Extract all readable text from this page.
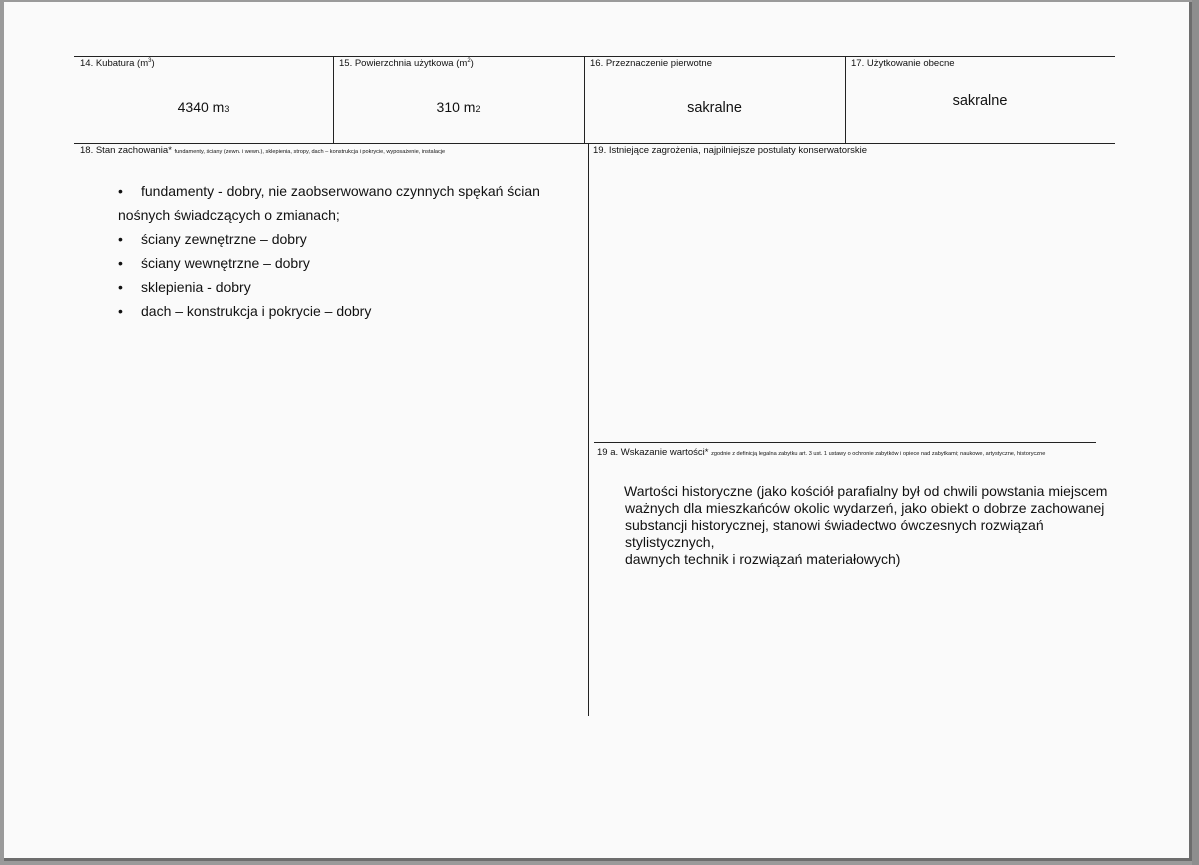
14. Kubatura $(m^3)$
4340 m3
15. Powierzchnia użytkowa $(m^2)$
310 m2
16. Przeznaczenie pierwotne
sakralne
17. Użytkowanie obecne
sakralne
18. Stan zachowania* fundamenty, ściany (zewn. i wewn.), sklepienia, stropy, dach – konstrukcja i pokrycie, wyposażenie, instalacje
• fundamenty - dobry, nie zaobserwowano czynnych spękań ścian
nośnych świadczących o zmianach;
• ściany zewnętrzne – dobry
• ściany wewnętrzne – dobry
• sklepienia - dobry
• dach – konstrukcja i pokrycie – dobry
19. Istniejące zagrożenia, najpilniejsze postulaty konserwatorskie
19 a. Wskazanie wartości* zgodnie z definicją legalna zabytku art. 3 ust. 1 ustawy o ochronie zabytków i opiece nad zabytkami; naukowe, artystyczne, historyczne
Wartości historyczne (jako kościół parafialny był od chwili powstania miejscem
ważnych dla mieszkańców okolic wydarzeń, jako obiekt o dobrze zachowanej
substancji historycznej, stanowi świadectwo ówczesnych rozwiązań stylistycznych,
dawnych technik i rozwiązań materiałowych)
